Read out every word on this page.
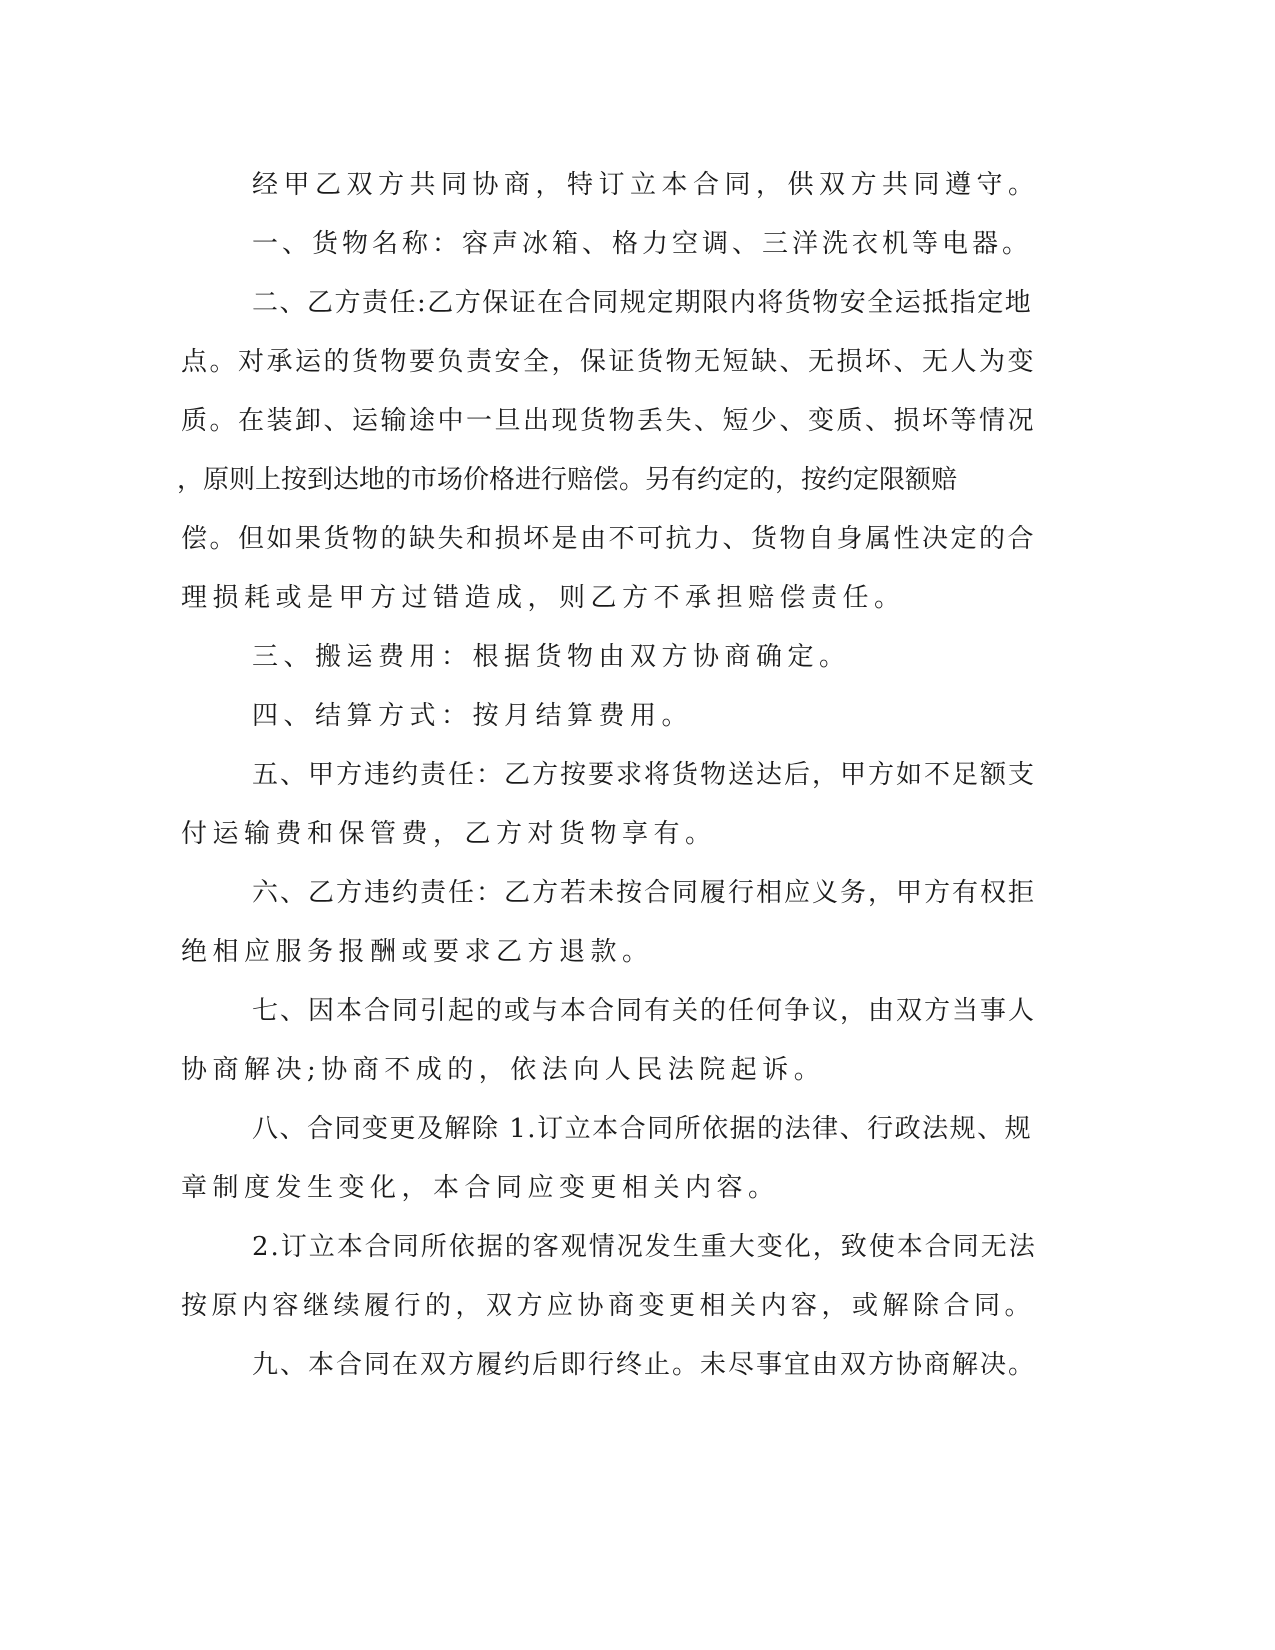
经甲乙双方共同协商，特订立本合同，供双方共同遵守。
一、货物名称：容声冰箱、格力空调、三洋洗衣机等电器。
二、乙方责任:乙方保证在合同规定期限内将货物安全运抵指定地
点。对承运的货物要负责安全，保证货物无短缺、无损坏、无人为变
质。在装卸、运输途中一旦出现货物丢失、短少、变质、损坏等情况
，原则上按到达地的市场价格进行赔偿。另有约定的，按约定限额赔
偿。但如果货物的缺失和损坏是由不可抗力、货物自身属性决定的合
理损耗或是甲方过错造成，则乙方不承担赔偿责任。
三、搬运费用：根据货物由双方协商确定。
四、结算方式：按月结算费用。
五、甲方违约责任：乙方按要求将货物送达后，甲方如不足额支
付运输费和保管费，乙方对货物享有。
六、乙方违约责任：乙方若未按合同履行相应义务，甲方有权拒
绝相应服务报酬或要求乙方退款。
七、因本合同引起的或与本合同有关的任何争议，由双方当事人
协商解决;协商不成的，依法向人民法院起诉。
八、合同变更及解除 1.订立本合同所依据的法律、行政法规、规
章制度发生变化，本合同应变更相关内容。
2.订立本合同所依据的客观情况发生重大变化，致使本合同无法
按原内容继续履行的，双方应协商变更相关内容，或解除合同。
九、本合同在双方履约后即行终止。未尽事宜由双方协商解决。
